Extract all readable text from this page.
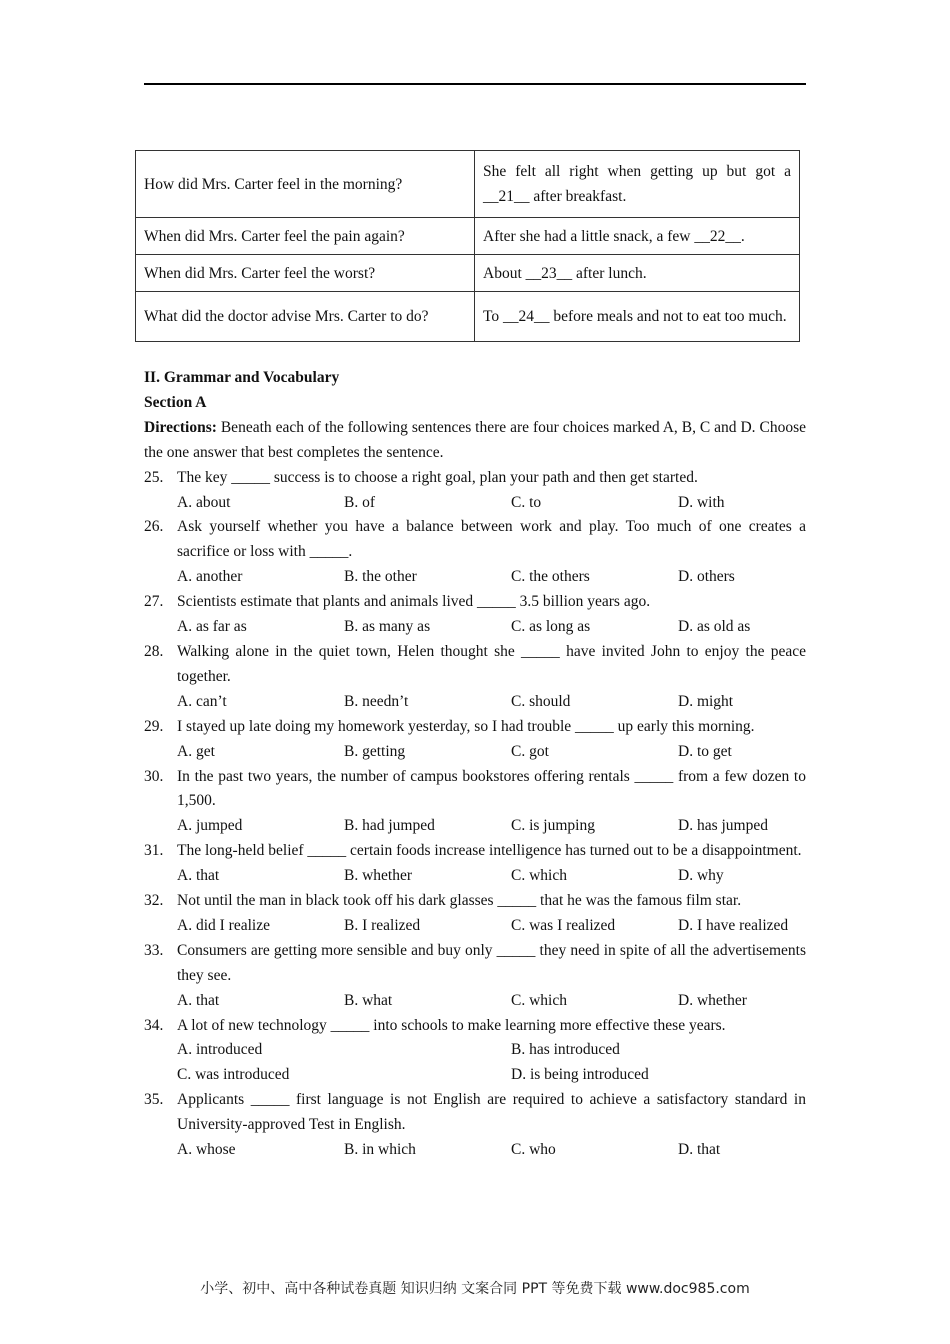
How did Mrs. Carter feel in the morning?	She felt all right when getting up but got a __21__ after breakfast.
When did Mrs. Carter feel the pain again?	After she had a little snack, a few __22__.
When did Mrs. Carter feel the worst?	About __23__ after lunch.
What did the doctor advise Mrs. Carter to do?	To __24__ before meals and not to eat too much.
II. Grammar and Vocabulary
Section A
Directions: Beneath each of the following sentences there are four choices marked A, B, C and D. Choose the one answer that best completes the sentence.
25. The key _____ success is to choose a right goal, plan your path and then get started.
A. about	B. of	C. to	D. with
26. Ask yourself whether you have a balance between work and play. Too much of one creates a sacrifice or loss with _____.
A. another	B. the other	C. the others	D. others
27. Scientists estimate that plants and animals lived _____ 3.5 billion years ago.
A. as far as	B. as many as	C. as long as	D. as old as
28. Walking alone in the quiet town, Helen thought she _____ have invited John to enjoy the peace together.
A. can’t	B. needn’t	C. should	D. might
29. I stayed up late doing my homework yesterday, so I had trouble _____ up early this morning.
A. get	B. getting	C. got	D. to get
30. In the past two years, the number of campus bookstores offering rentals _____ from a few dozen to 1,500.
A. jumped	B. had jumped	C. is jumping	D. has jumped
31. The long-held belief _____ certain foods increase intelligence has turned out to be a disappointment.
A. that	B. whether	C. which	D. why
32. Not until the man in black took off his dark glasses _____ that he was the famous film star.
A. did I realize	B. I realized	C. was I realized	D. I have realized
33. Consumers are getting more sensible and buy only _____ they need in spite of all the advertisements they see.
A. that	B. what	C. which	D. whether
34. A lot of new technology _____ into schools to make learning more effective these years.
A. introduced	B. has introduced
C. was introduced	D. is being introduced
35. Applicants _____ first language is not English are required to achieve a satisfactory standard in University-approved Test in English.
A. whose	B. in which	C. who	D. that
小学、初中、高中各种试卷真题 知识归纳 文案合同 PPT 等免费下载 www.doc985.com
